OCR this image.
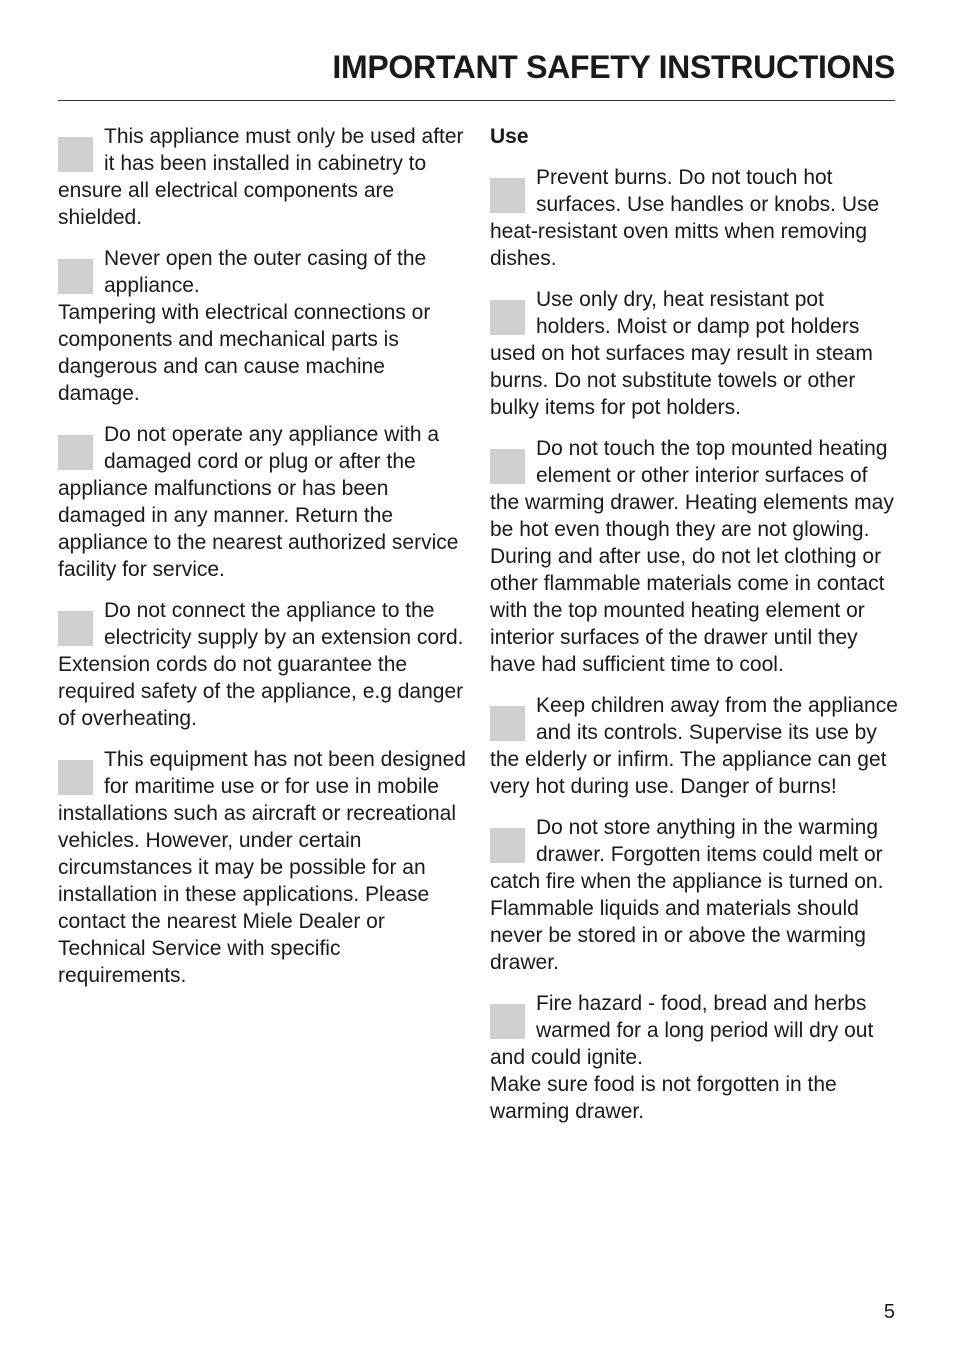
IMPORTANT SAFETY INSTRUCTIONS
This appliance must only be used after it has been installed in cabinetry to ensure all electrical components are shielded.
Never open the outer casing of the appliance.
Tampering with electrical connections or components and mechanical parts is dangerous and can cause machine damage.
Do not operate any appliance with a damaged cord or plug or after the appliance malfunctions or has been damaged in any manner. Return the appliance to the nearest authorized service facility for service.
Do not connect the appliance to the electricity supply by an extension cord. Extension cords do not guarantee the required safety of the appliance, e.g danger of overheating.
This equipment has not been designed for maritime use or for use in mobile installations such as aircraft or recreational vehicles. However, under certain circumstances it may be possible for an installation in these applications. Please contact the nearest Miele Dealer or Technical Service with specific requirements.
Use
Prevent burns. Do not touch hot surfaces. Use handles or knobs. Use heat-resistant oven mitts when removing dishes.
Use only dry, heat resistant pot holders. Moist or damp pot holders used on hot surfaces may result in steam burns. Do not substitute towels or other bulky items for pot holders.
Do not touch the top mounted heating element or other interior surfaces of the warming drawer. Heating elements may be hot even though they are not glowing. During and after use, do not let clothing or other flammable materials come in contact with the top mounted heating element or interior surfaces of the drawer until they have had sufficient time to cool.
Keep children away from the appliance and its controls. Supervise its use by the elderly or infirm. The appliance can get very hot during use. Danger of burns!
Do not store anything in the warming drawer. Forgotten items could melt or catch fire when the appliance is turned on. Flammable liquids and materials should never be stored in or above the warming drawer.
Fire hazard - food, bread and herbs warmed for a long period will dry out and could ignite.
Make sure food is not forgotten in the warming drawer.
5
